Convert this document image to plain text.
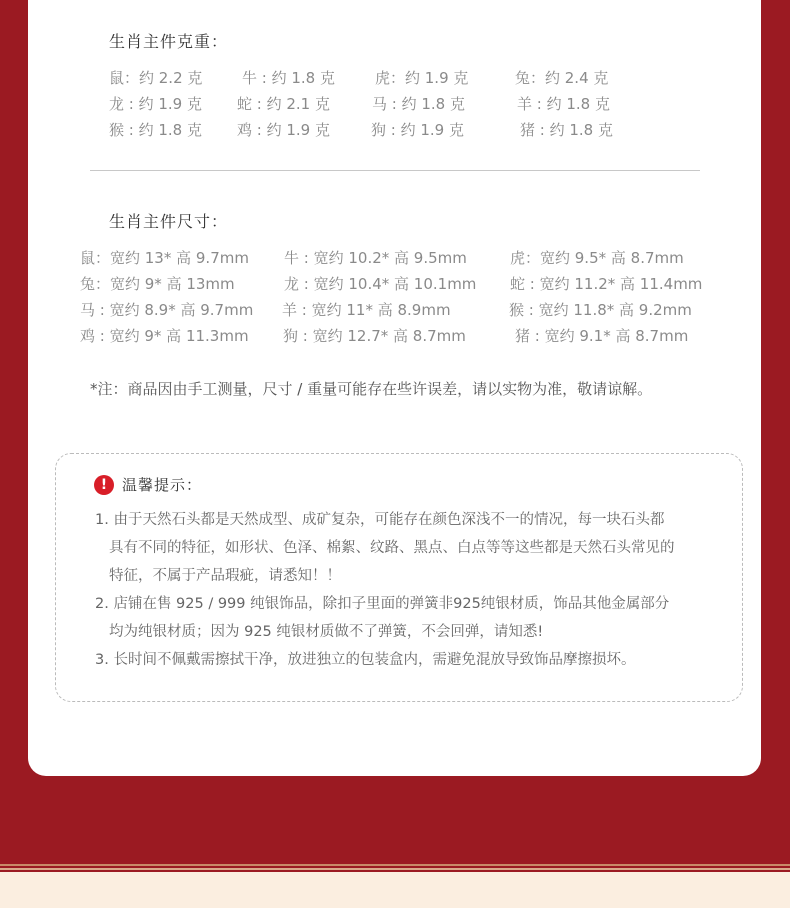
生肖主件克重：
鼠：约 2.2 克	牛 : 约 1.8 克	虎：约 1.9 克	兔：约 2.4 克
龙 : 约 1.9 克 蛇 : 约 2.1 克	马 : 约 1.8 克	羊 : 约 1.8 克
猴 : 约 1.8 克 鸡 : 约 1.9 克	狗 : 约 1.9 克	猪 : 约 1.8 克
生肖主件尺寸：
鼠：宽约 13* 高 9.7mm 牛 : 宽约 10.2* 高 9.5mm	虎：宽约 9.5* 高 8.7mm
兔：宽约 9* 高 13mm	龙 : 宽约 10.4* 高 10.1mm 蛇 : 宽约 11.2* 高 11.4mm
马 : 宽约 8.9* 高 9.7mm 羊 : 宽约 11* 高 8.9mm	猴 : 宽约 11.8* 高 9.2mm
鸡 : 宽约 9* 高 11.3mm 狗 : 宽约 12.7* 高 8.7mm	猪 : 宽约 9.1* 高 8.7mm
*注：商品因由手工测量，尺寸 / 重量可能存在些许误差，请以实物为准，敬请谅解。
! 温馨提示：
1. 由于天然石头都是天然成型、成矿复杂，可能存在颜色深浅不一的情况，每一块石头都
具有不同的特征，如形状、色泽、棉絮、纹路、黑点、白点等等这些都是天然石头常见的
特征，不属于产品瑕疵，请悉知！！
2. 店铺在售 925 / 999 纯银饰品，除扣子里面的弹簧非925纯银材质，饰品其他金属部分
均为纯银材质；因为 925 纯银材质做不了弹簧，不会回弹，请知悉!
3. 长时间不佩戴需擦拭干净，放进独立的包装盒内，需避免混放导致饰品摩擦损坏。
